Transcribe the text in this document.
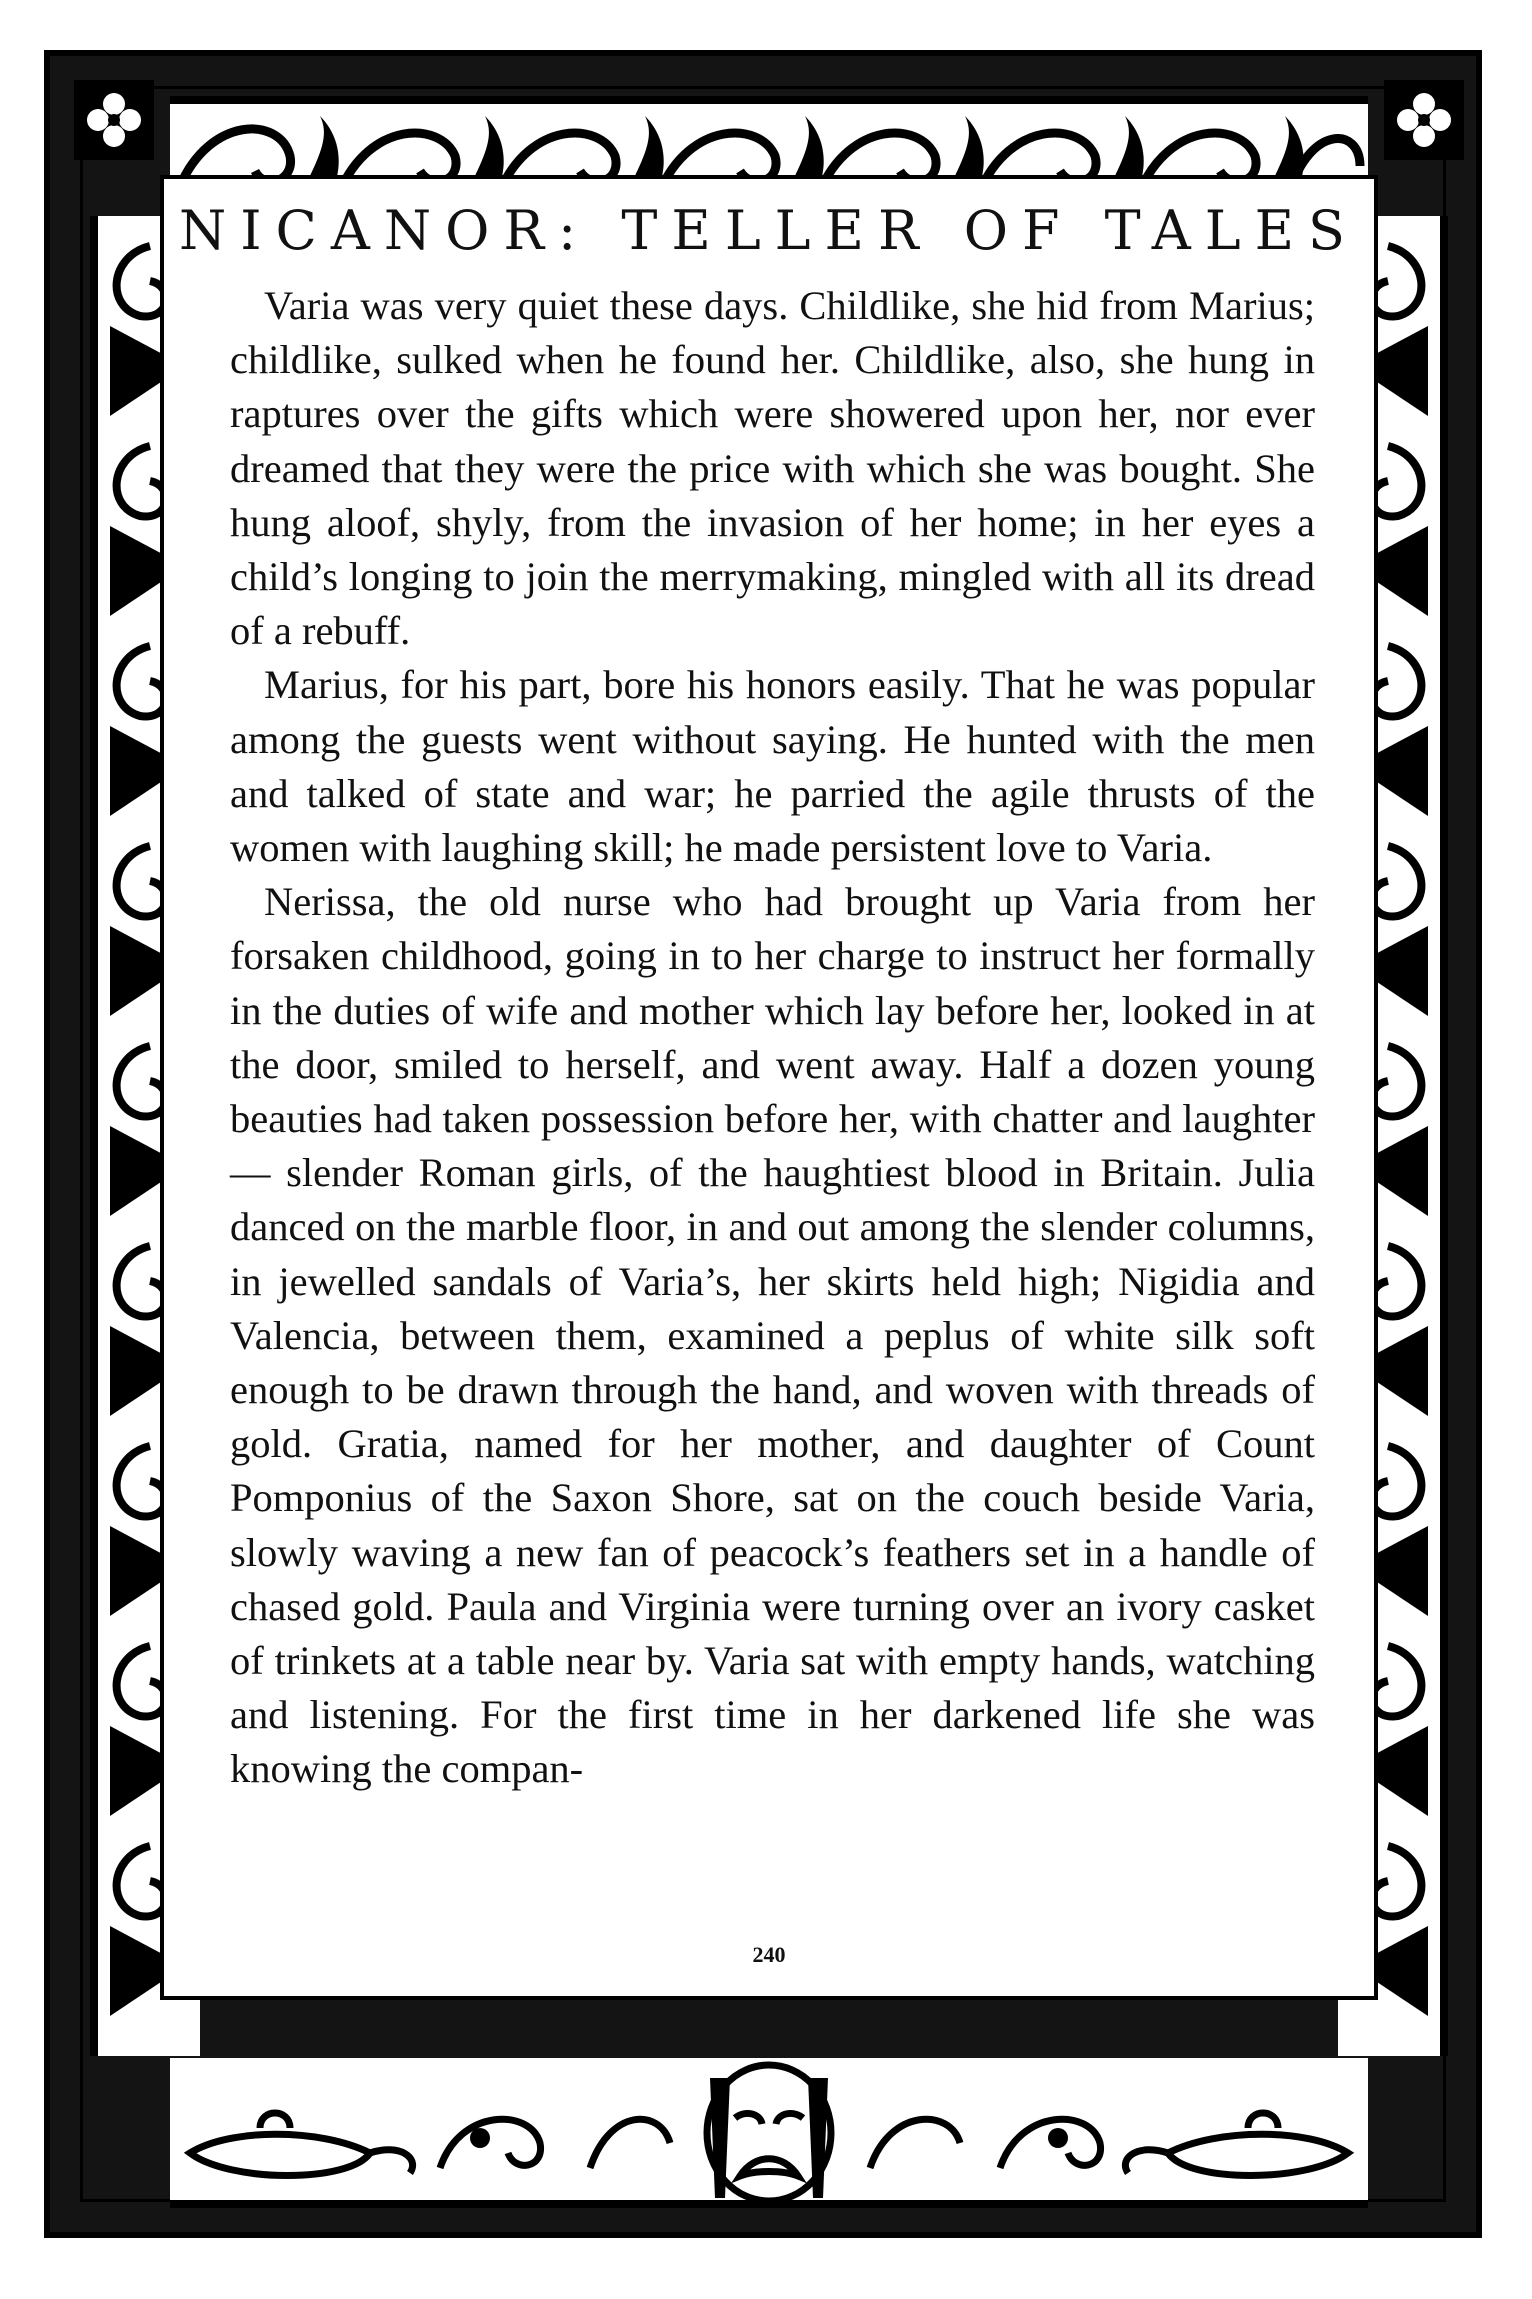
NICANOR: TELLER OF TALES

Varia was very quiet these days. Childlike, she hid from Marius; childlike, sulked when he found her. Childlike, also, she hung in raptures over the gifts which were showered upon her, nor ever dreamed that they were the price with which she was bought. She hung aloof, shyly, from the invasion of her home; in her eyes a child’s longing to join the merrymaking, mingled with all its dread of a rebuff.

Marius, for his part, bore his honors easily. That he was popular among the guests went without saying. He hunted with the men and talked of state and war; he parried the agile thrusts of the women with laughing skill; he made persistent love to Varia.

Nerissa, the old nurse who had brought up Varia from her forsaken childhood, going in to her charge to instruct her formally in the duties of wife and mother which lay before her, looked in at the door, smiled to herself, and went away. Half a dozen young beauties had taken possession before her, with chatter and laughter — slender Roman girls, of the haughtiest blood in Britain. Julia danced on the marble floor, in and out among the slender columns, in jewelled sandals of Varia’s, her skirts held high; Nigidia and Valencia, between them, examined a peplus of white silk soft enough to be drawn through the hand, and woven with threads of gold. Gratia, named for her mother, and daughter of Count Pomponius of the Saxon Shore, sat on the couch beside Varia, slowly waving a new fan of peacock’s feathers set in a handle of chased gold. Paula and Virginia were turning over an ivory casket of trinkets at a table near by. Varia sat with empty hands, watching and listening. For the first time in her darkened life she was knowing the compan-

240
